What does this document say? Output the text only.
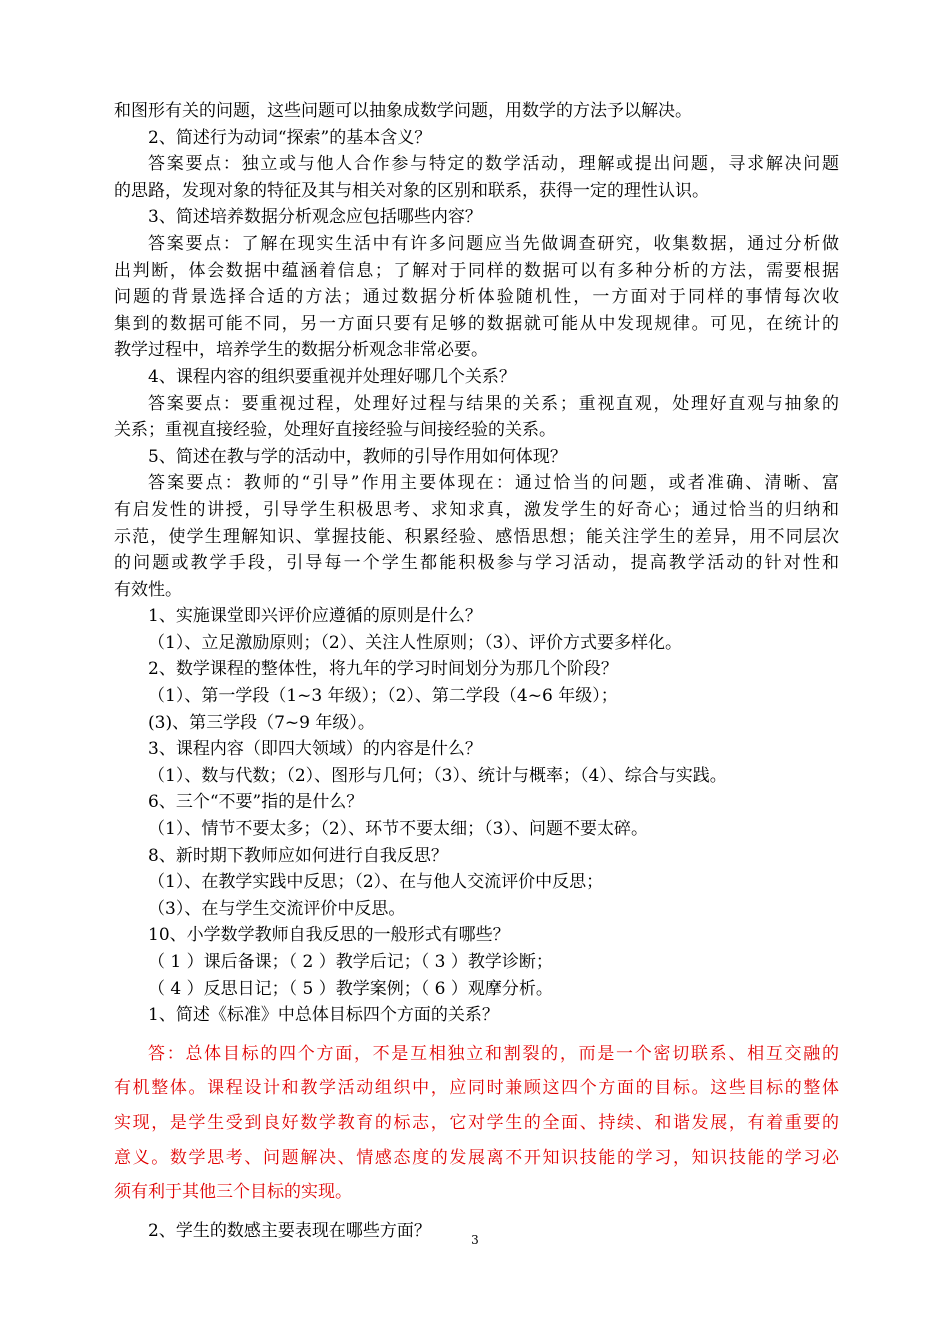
和图形有关的问题，这些问题可以抽象成数学问题，用数学的方法予以解决。
2、简述行为动词“探索”的基本含义？
答案要点：独立或与他人合作参与特定的数学活动，理解或提出问题，寻求解决问题
的思路，发现对象的特征及其与相关对象的区别和联系，获得一定的理性认识。
3、简述培养数据分析观念应包括哪些内容？
答案要点：了解在现实生活中有许多问题应当先做调查研究，收集数据，通过分析做
出判断，体会数据中蕴涵着信息；了解对于同样的数据可以有多种分析的方法，需要根据
问题的背景选择合适的方法；通过数据分析体验随机性，一方面对于同样的事情每次收
集到的数据可能不同，另一方面只要有足够的数据就可能从中发现规律。可见，在统计的
教学过程中，培养学生的数据分析观念非常必要。
4、课程内容的组织要重视并处理好哪几个关系？
答案要点：要重视过程，处理好过程与结果的关系；重视直观，处理好直观与抽象的
关系；重视直接经验，处理好直接经验与间接经验的关系。
5、简述在教与学的活动中，教师的引导作用如何体现？
答案要点：教师的“引导”作用主要体现在：通过恰当的问题，或者准确、清晰、富
有启发性的讲授，引导学生积极思考、求知求真，激发学生的好奇心；通过恰当的归纳和
示范，使学生理解知识、掌握技能、积累经验、感悟思想；能关注学生的差异，用不同层次
的问题或教学手段，引导每一个学生都能积极参与学习活动，提高教学活动的针对性和
有效性。
1、实施课堂即兴评价应遵循的原则是什么？
（1）、立足激励原则；（2）、关注人性原则；（3）、评价方式要多样化。
2、数学课程的整体性，将九年的学习时间划分为那几个阶段？
（1）、第一学段（1~3 年级）；（2）、第二学段（4~6 年级）；
(3)、第三学段（7~9 年级）。
3、课程内容（即四大领域）的内容是什么？
（1）、数与代数；（2）、图形与几何；（3）、统计与概率；（4）、综合与实践。
6、三个“不要”指的是什么？
（1）、情节不要太多；（2）、环节不要太细；（3）、问题不要太碎。
8、新时期下教师应如何进行自我反思？
（1）、在教学实践中反思；（2）、在与他人交流评价中反思；
（3）、在与学生交流评价中反思。
10、小学数学教师自我反思的一般形式有哪些？
（ 1 ）课后备课；（ 2 ）教学后记；（ 3 ）教学诊断；
（ 4 ）反思日记；（ 5 ）教学案例；（ 6 ）观摩分析。
1、简述《标准》中总体目标四个方面的关系？
答：总体目标的四个方面，不是互相独立和割裂的，而是一个密切联系、相互交融的
有机整体。课程设计和教学活动组织中，应同时兼顾这四个方面的目标。这些目标的整体
实现，是学生受到良好数学教育的标志，它对学生的全面、持续、和谐发展，有着重要的
意义。数学思考、问题解决、情感态度的发展离不开知识技能的学习，知识技能的学习必
须有利于其他三个目标的实现。
2、学生的数感主要表现在哪些方面？	3
